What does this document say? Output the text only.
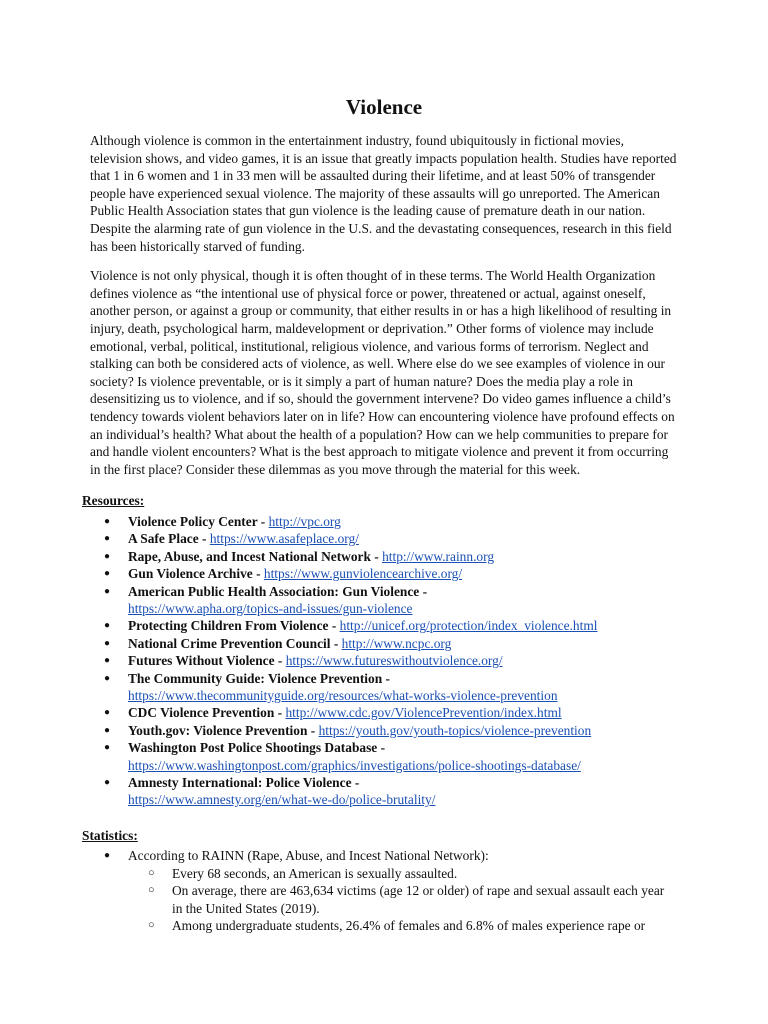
Violence

Although violence is common in the entertainment industry, found ubiquitously in fictional movies, television shows, and video games, it is an issue that greatly impacts population health. Studies have reported that 1 in 6 women and 1 in 33 men will be assaulted during their lifetime, and at least 50% of transgender people have experienced sexual violence. The majority of these assaults will go unreported. The American Public Health Association states that gun violence is the leading cause of premature death in our nation. Despite the alarming rate of gun violence in the U.S. and the devastating consequences, research in this field has been historically starved of funding.

Violence is not only physical, though it is often thought of in these terms. The World Health Organization defines violence as “the intentional use of physical force or power, threatened or actual, against oneself, another person, or against a group or community, that either results in or has a high likelihood of resulting in injury, death, psychological harm, maldevelopment or deprivation.” Other forms of violence may include emotional, verbal, political, institutional, religious violence, and various forms of terrorism. Neglect and stalking can both be considered acts of violence, as well. Where else do we see examples of violence in our society? Is violence preventable, or is it simply a part of human nature? Does the media play a role in desensitizing us to violence, and if so, should the government intervene? Do video games influence a child’s tendency towards violent behaviors later on in life? How can encountering violence have profound effects on an individual’s health? What about the health of a population? How can we help communities to prepare for and handle violent encounters? What is the best approach to mitigate violence and prevent it from occurring in the first place? Consider these dilemmas as you move through the material for this week.

Resources:
● Violence Policy Center - http://vpc.org
● A Safe Place - https://www.asafeplace.org/
● Rape, Abuse, and Incest National Network - http://www.rainn.org
● Gun Violence Archive - https://www.gunviolencearchive.org/
● American Public Health Association: Gun Violence -
https://www.apha.org/topics-and-issues/gun-violence
● Protecting Children From Violence - http://unicef.org/protection/index_violence.html
● National Crime Prevention Council - http://www.ncpc.org
● Futures Without Violence - https://www.futureswithoutviolence.org/
● The Community Guide: Violence Prevention -
https://www.thecommunityguide.org/resources/what-works-violence-prevention
● CDC Violence Prevention - http://www.cdc.gov/ViolencePrevention/index.html
● Youth.gov: Violence Prevention - https://youth.gov/youth-topics/violence-prevention
● Washington Post Police Shootings Database -
https://www.washingtonpost.com/graphics/investigations/police-shootings-database/
● Amnesty International: Police Violence -
https://www.amnesty.org/en/what-we-do/police-brutality/
Statistics:
● According to RAINN (Rape, Abuse, and Incest National Network):
○ Every 68 seconds, an American is sexually assaulted.
○ On average, there are 463,634 victims (age 12 or older) of rape and sexual assault each year in the United States (2019).
○ Among undergraduate students, 26.4% of females and 6.8% of males experience rape or
